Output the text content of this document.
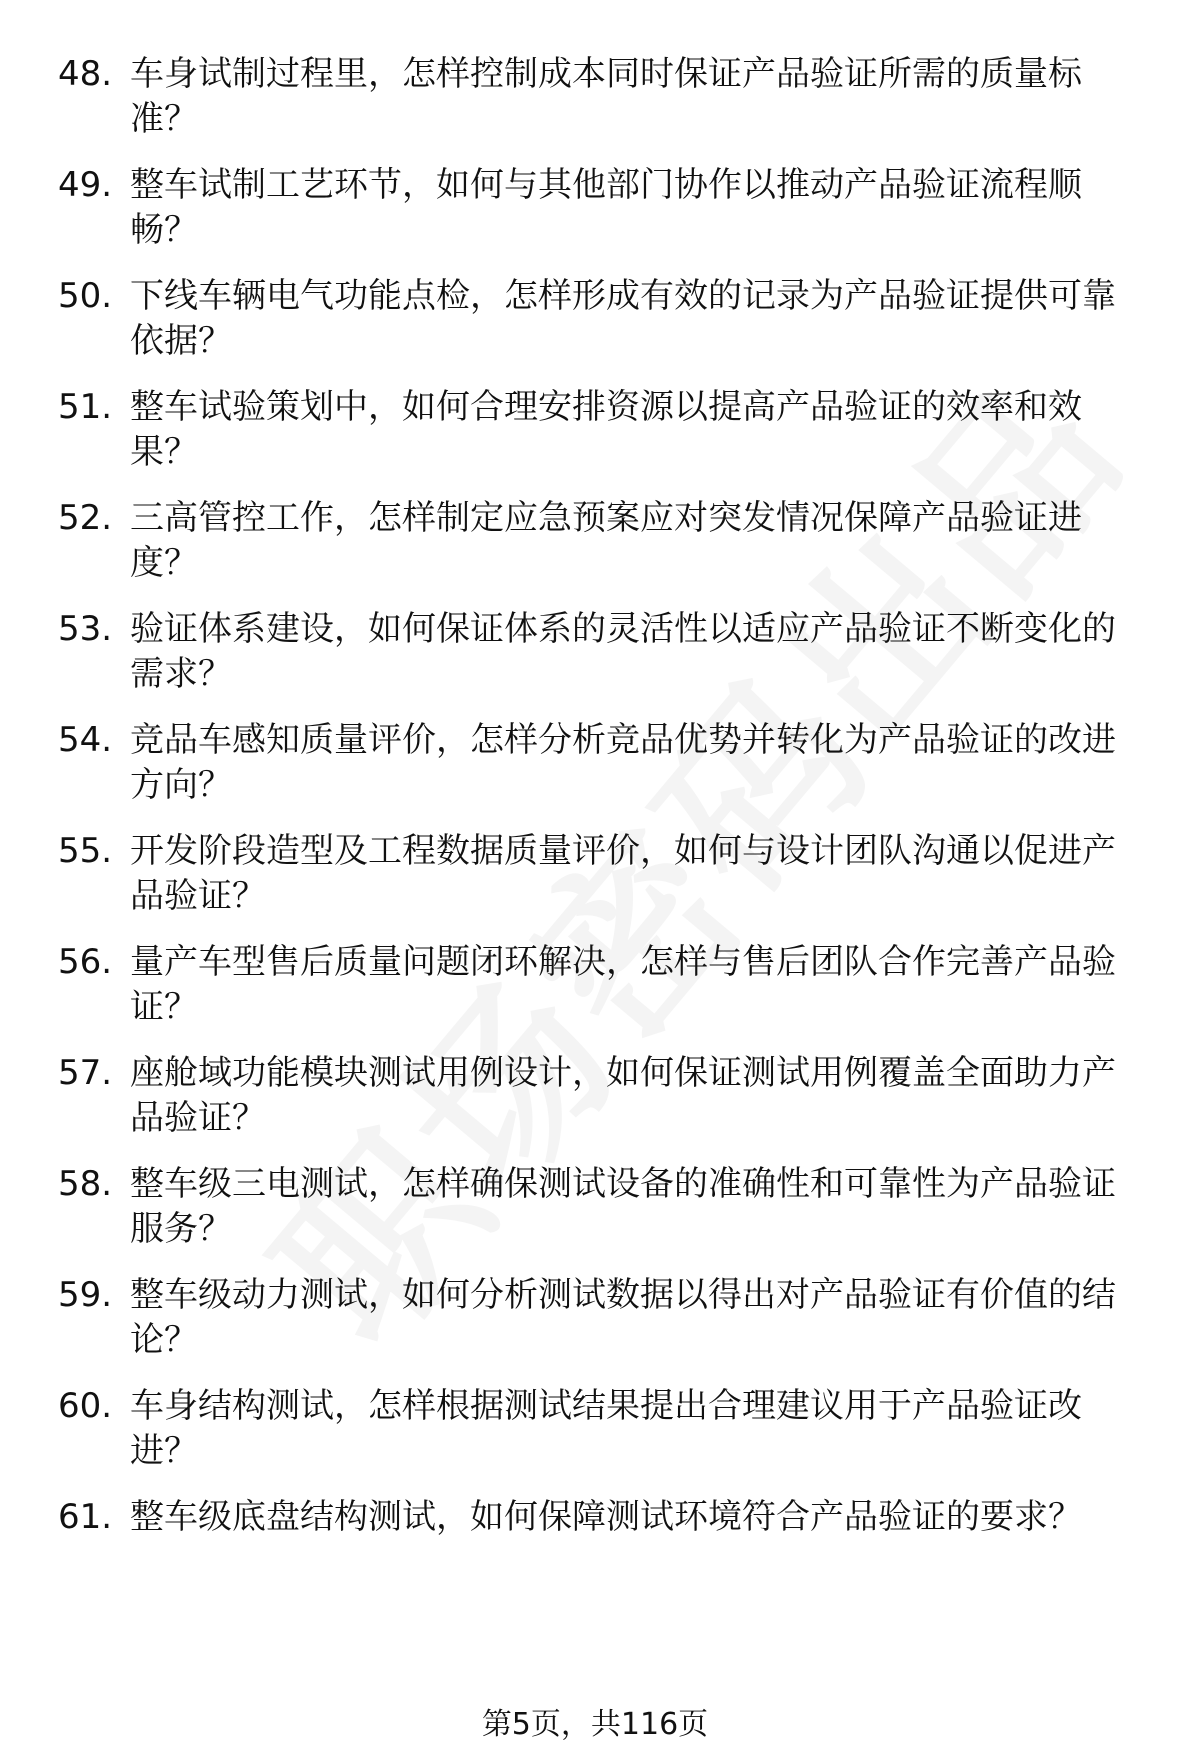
48. 车身试制过程里，怎样控制成本同时保证产品验证所需的质量标准？
49. 整车试制工艺环节，如何与其他部门协作以推动产品验证流程顺畅？
50. 下线车辆电气功能点检，怎样形成有效的记录为产品验证提供可靠依据？
51. 整车试验策划中，如何合理安排资源以提高产品验证的效率和效果？
52. 三高管控工作，怎样制定应急预案应对突发情况保障产品验证进度？
53. 验证体系建设，如何保证体系的灵活性以适应产品验证不断变化的需求？
54. 竞品车感知质量评价，怎样分析竞品优势并转化为产品验证的改进方向？
55. 开发阶段造型及工程数据质量评价，如何与设计团队沟通以促进产品验证？
56. 量产车型售后质量问题闭环解决，怎样与售后团队合作完善产品验证？
57. 座舱域功能模块测试用例设计，如何保证测试用例覆盖全面助力产品验证？
58. 整车级三电测试，怎样确保测试设备的准确性和可靠性为产品验证服务？
59. 整车级动力测试，如何分析测试数据以得出对产品验证有价值的结论？
60. 车身结构测试，怎样根据测试结果提出合理建议用于产品验证改进？
61. 整车级底盘结构测试，如何保障测试环境符合产品验证的要求？
第5页，共116页
